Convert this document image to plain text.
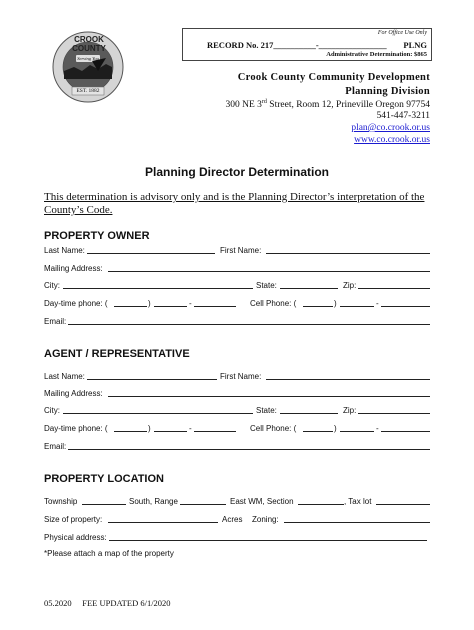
CROOK COUNTY
Serving You
EST. 1882
For Office Use Only
RECORD No. 217__________-________________ PLNG
Administrative Determination: $865
Crook County Community Development
Planning Division
300 NE 3rd Street, Room 12, Prineville Oregon 97754
541-447-3211
plan@co.crook.or.us
www.co.crook.or.us
Planning Director Determination
This determination is advisory only and is the Planning Director’s interpretation of the County’s Code.
PROPERTY OWNER
Last Name:	First Name:
Mailing Address:
City:	State:	Zip:
Day-time phone: (	)	-	Cell Phone: (	)	-
Email:
AGENT / REPRESENTATIVE
Last Name:	First Name:
Mailing Address:
City:	State:	Zip:
Day-time phone: (	)	-	Cell Phone: (	)	-
Email:
PROPERTY LOCATION
Township	South, Range	East WM, Section	, Tax lot
Size of property:	Acres Zoning:
Physical address:
*Please attach a map of the property
05.2020     FEE UPDATED 6/1/2020
